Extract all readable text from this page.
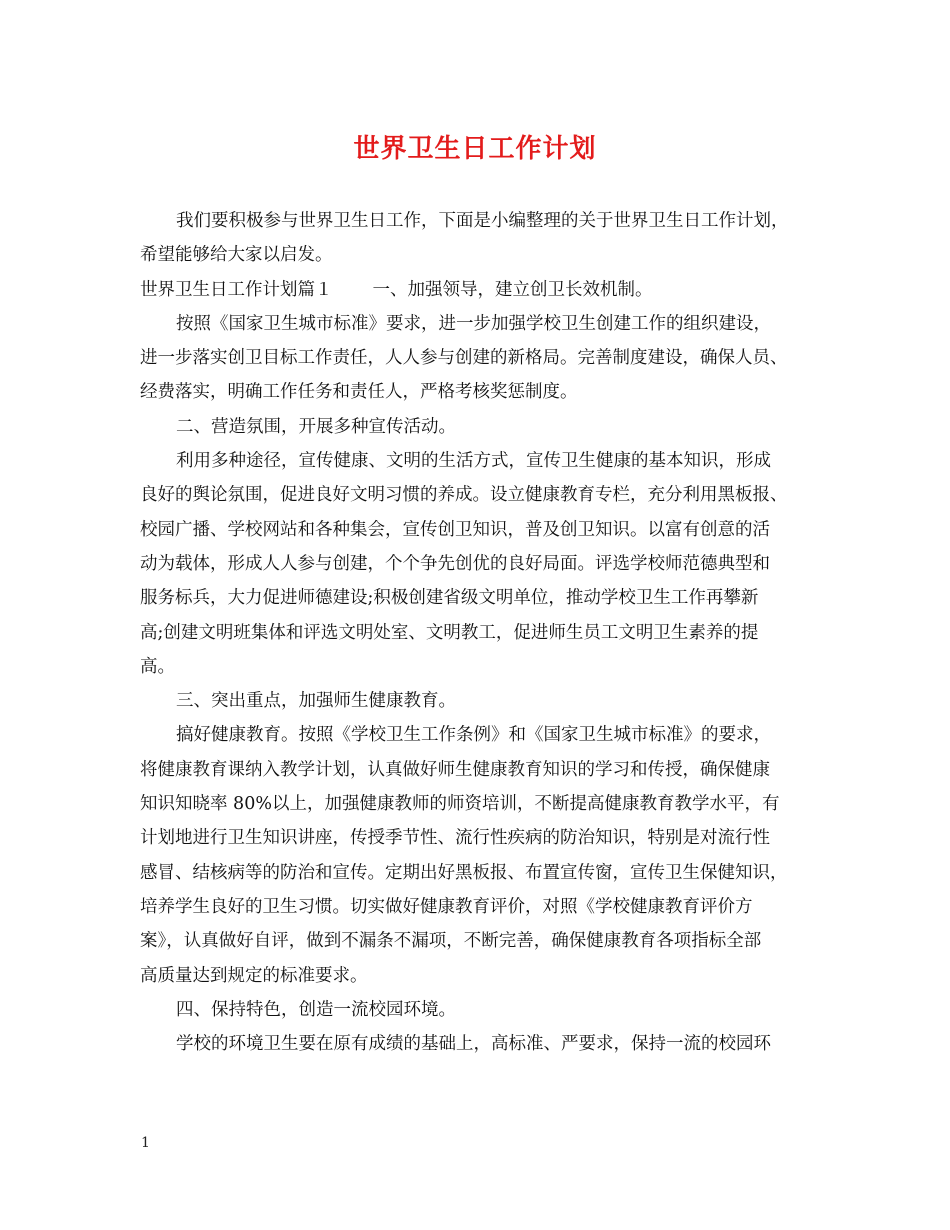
世界卫生日工作计划

我们要积极参与世界卫生日工作，下面是小编整理的关于世界卫生日工作计划，

希望能够给大家以启发。

世界卫生日工作计划篇１ 一、加强领导，建立创卫长效机制。

按照《国家卫生城市标准》要求，进一步加强学校卫生创建工作的组织建设，

进一步落实创卫目标工作责任，人人参与创建的新格局。完善制度建设，确保人员、

经费落实，明确工作任务和责任人，严格考核奖惩制度。

二、营造氛围，开展多种宣传活动。

利用多种途径，宣传健康、文明的生活方式，宣传卫生健康的基本知识，形成

良好的舆论氛围，促进良好文明习惯的养成。设立健康教育专栏，充分利用黑板报、

校园广播、学校网站和各种集会，宣传创卫知识，普及创卫知识。以富有创意的活

动为载体，形成人人参与创建，个个争先创优的良好局面。评选学校师范德典型和

服务标兵，大力促进师德建设;积极创建省级文明单位，推动学校卫生工作再攀新

高;创建文明班集体和评选文明处室、文明教工，促进师生员工文明卫生素养的提

高。

三、突出重点，加强师生健康教育。

搞好健康教育。按照《学校卫生工作条例》和《国家卫生城市标准》的要求，

将健康教育课纳入教学计划，认真做好师生健康教育知识的学习和传授，确保健康

知识知晓率 80%以上，加强健康教师的师资培训，不断提高健康教育教学水平，有

计划地进行卫生知识讲座，传授季节性、流行性疾病的防治知识，特别是对流行性

感冒、结核病等的防治和宣传。定期出好黑板报、布置宣传窗，宣传卫生保健知识，

培养学生良好的卫生习惯。切实做好健康教育评价，对照《学校健康教育评价方

案》，认真做好自评，做到不漏条不漏项，不断完善，确保健康教育各项指标全部

高质量达到规定的标准要求。

四、保持特色，创造一流校园环境。

学校的环境卫生要在原有成绩的基础上，高标准、严要求，保持一流的校园环

1
